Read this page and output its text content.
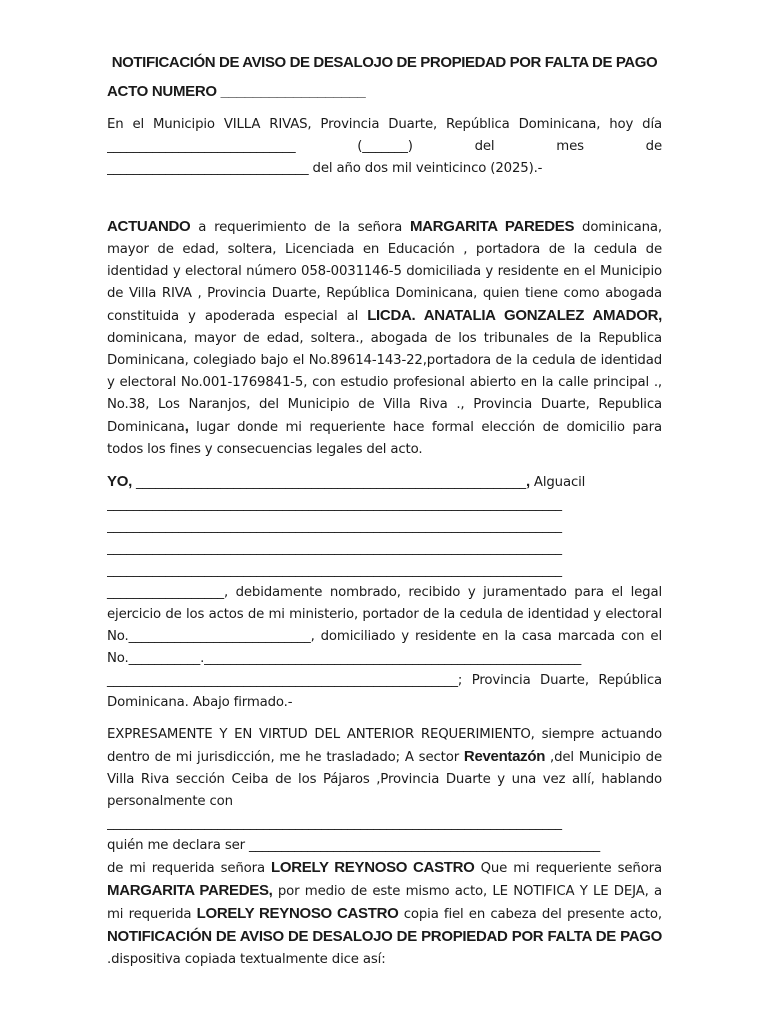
NOTIFICACIÓN DE AVISO DE DESALOJO DE PROPIEDAD POR FALTA DE PAGO
ACTO NUMERO __________________

En el Municipio VILLA RIVAS, Provincia Duarte, República Dominicana, hoy día

_____________________________ (_______) del mes de

_______________________________ del año dos mil veinticinco (2025).-

ACTUANDO a requerimiento de la señora MARGARITA PAREDES dominicana, mayor de edad, soltera, Licenciada en Educación , portadora de la cedula de identidad y electoral número 058-0031146-5 domiciliada y residente en el Municipio de Villa RIVA , Provincia Duarte, República Dominicana, quien tiene como abogada constituida y apoderada especial al LICDA. ANATALIA GONZALEZ AMADOR, dominicana, mayor de edad, soltera., abogada de los tribunales de la Republica Dominicana, colegiado bajo el No.89614-143-22,portadora de la cedula de identidad y electoral No.001-1769841-5, con estudio profesional abierto en la calle principal ., No.38, Los Naranjos, del Municipio de Villa Riva ., Provincia Duarte, Republica Dominicana, lugar donde mi requeriente hace formal elección de domicilio para todos los fines y consecuencias legales del acto.

YO, ____________________________________________________________, Alguacil

______________________________________________________________________

______________________________________________________________________

______________________________________________________________________

______________________________________________________________________

__________________, debidamente nombrado, recibido y juramentado para el legal ejercicio de los actos de mi ministerio, portador de la cedula de identidad y electoral No.____________________________, domiciliado y residente en la casa marcada con el No.___________.__________________________________________________________

______________________________________________________; Provincia Duarte, República Dominicana. Abajo firmado.-

EXPRESAMENTE Y EN VIRTUD DEL ANTERIOR REQUERIMIENTO, siempre actuando dentro de mi jurisdicción, me he trasladado; A sector Reventazón ,del Municipio de Villa Riva sección Ceiba de los Pájaros ,Provincia Duarte y una vez allí, hablando personalmente con

______________________________________________________________________

quién me declara ser ______________________________________________________

de mi requerida señora LORELY REYNOSO CASTRO Que mi requeriente señora MARGARITA PAREDES, por medio de este mismo acto, LE NOTIFICA Y LE DEJA, a mi requerida LORELY REYNOSO CASTRO copia fiel en cabeza del presente acto, NOTIFICACIÓN DE AVISO DE DESALOJO DE PROPIEDAD POR FALTA DE PAGO .dispositiva copiada textualmente dice así:
